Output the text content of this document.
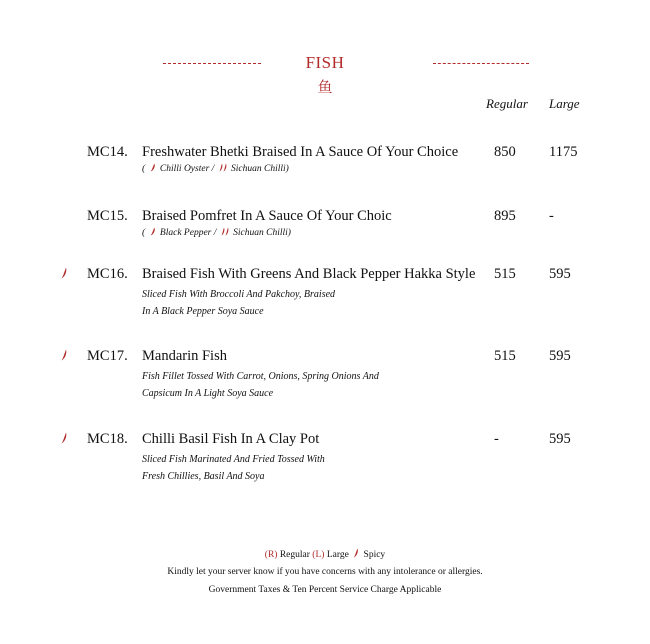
FISH
鱼
Regular Large
MC14. Freshwater Bhetki Braised In A Sauce Of Your Choice 850 1175
( Chilli Oyster / Sichuan Chilli)
MC15. Braised Pomfret In A Sauce Of Your Choic	895 -
( Black Pepper / Sichuan Chilli)
MC16. Braised Fish With Greens And Black Pepper Hakka Style 515 595
Sliced Fish With Broccoli And Pakchoy, Braised
In A Black Pepper Soya Sauce
MC17. Mandarin Fish	515 595
Fish Fillet Tossed With Carrot, Onions, Spring Onions And
Capsicum In A Light Soya Sauce
MC18. Chilli Basil Fish In A Clay Pot	-	595
Sliced Fish Marinated And Fried Tossed With
Fresh Chillies, Basil And Soya
(R) Regular (L) Large Spicy
Kindly let your server know if you have concerns with any intolerance or allergies.
Government Taxes & Ten Percent Service Charge Applicable
